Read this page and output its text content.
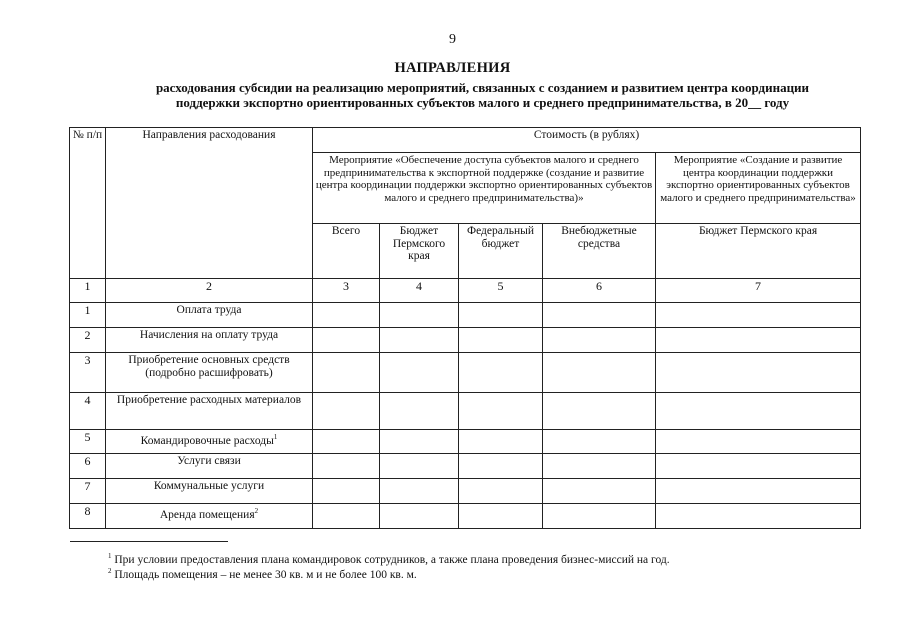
9
НАПРАВЛЕНИЯ
расходования субсидии на реализацию мероприятий, связанных с созданием и развитием центра координации
поддержки экспортно ориентированных субъектов малого и среднего предпринимательства, в 20__ году
№ п/п	Направления расходования	Стоимость (в рублях)				
		Мероприятие «Обеспечение доступа субъектов малого и среднего предпринимательства к экспортной поддержке (создание и развитие центра координации поддержки экспортно ориентированных субъектов малого и среднего предпринимательства)»				Мероприятие «Создание и развитие центра координации поддержки экспортно ориентированных субъектов малого и среднего предпринимательства»
		Всего	Бюджет Пермского края	Федеральный бюджет	Внебюджетные средства	Бюджет Пермского края
1	2	3	4	5	6	7
1	Оплата труда					
2	Начисления на оплату труда					
3	Приобретение основных средств (подробно расшифровать)					
4	Приобретение расходных материалов					
5	Командировочные расходы$^1$					
6	Услуги связи					
7	Коммунальные услуги					
8	Аренда помещения$^2$					
$^1$ При условии предоставления плана командировок сотрудников, а также плана проведения бизнес-миссий на год.
$^2$ Площадь помещения – не менее 30 кв. м и не более 100 кв. м.
